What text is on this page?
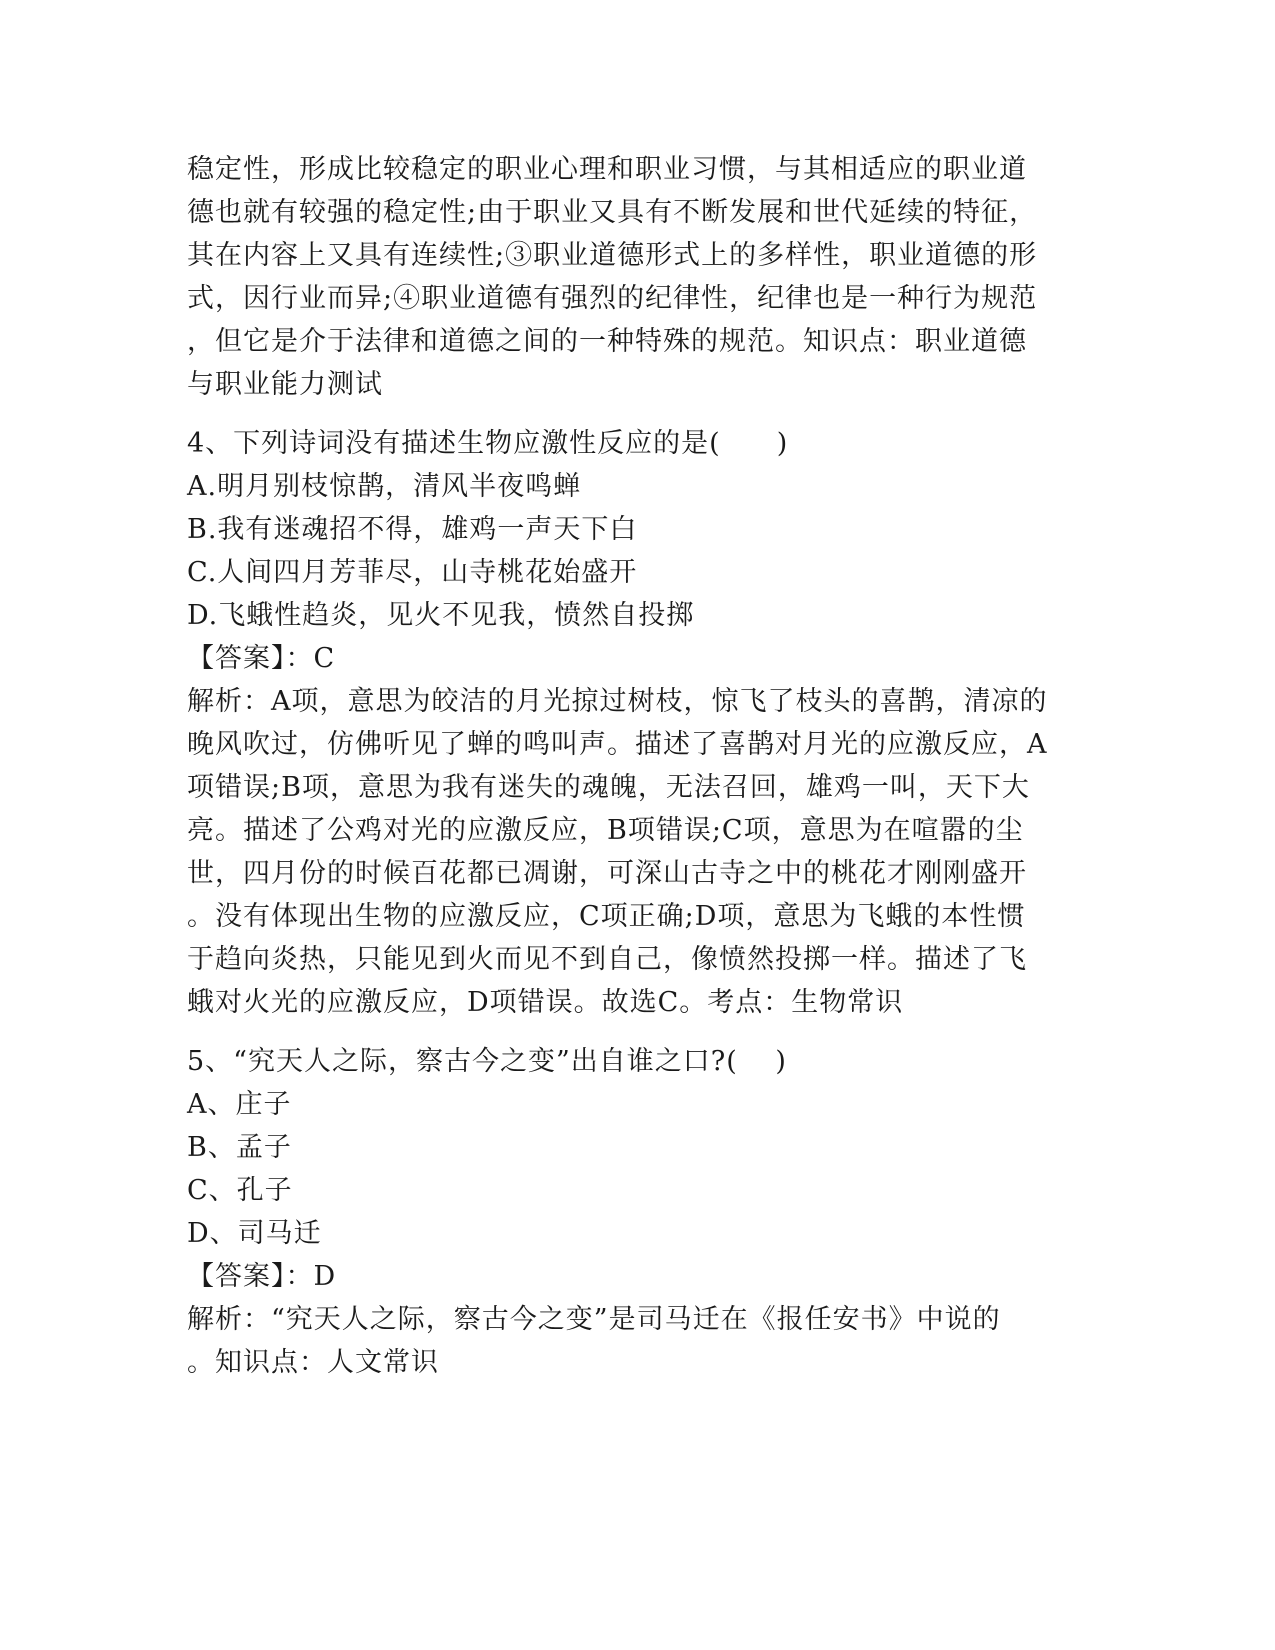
稳定性，形成比较稳定的职业心理和职业习惯，与其相适应的职业道
德也就有较强的稳定性;由于职业又具有不断发展和世代延续的特征，
其在内容上又具有连续性;③职业道德形式上的多样性，职业道德的形
式，因行业而异;④职业道德有强烈的纪律性，纪律也是一种行为规范
，但它是介于法律和道德之间的一种特殊的规范。知识点：职业道德
与职业能力测试
4、下列诗词没有描述生物应激性反应的是(　　)
A.明月别枝惊鹊，清风半夜鸣蝉
B.我有迷魂招不得，雄鸡一声天下白
C.人间四月芳菲尽，山寺桃花始盛开
D.飞蛾性趋炎，见火不见我，愤然自投掷
【答案】：C
解析：A项，意思为皎洁的月光掠过树枝，惊飞了枝头的喜鹊，清凉的
晚风吹过，仿佛听见了蝉的鸣叫声。描述了喜鹊对月光的应激反应，A
项错误;B项，意思为我有迷失的魂魄，无法召回，雄鸡一叫，天下大
亮。描述了公鸡对光的应激反应，B项错误;C项，意思为在喧嚣的尘
世，四月份的时候百花都已凋谢，可深山古寺之中的桃花才刚刚盛开
。没有体现出生物的应激反应，C项正确;D项，意思为飞蛾的本性惯
于趋向炎热，只能见到火而见不到自己，像愤然投掷一样。描述了飞
蛾对火光的应激反应，D项错误。故选C。考点：生物常识
5、“究天人之际，察古今之变”出自谁之口?(　 )
A、庄子
B、孟子
C、孔子
D、司马迁
【答案】：D
解析：“究天人之际，察古今之变”是司马迁在《报任安书》中说的
。知识点：人文常识
